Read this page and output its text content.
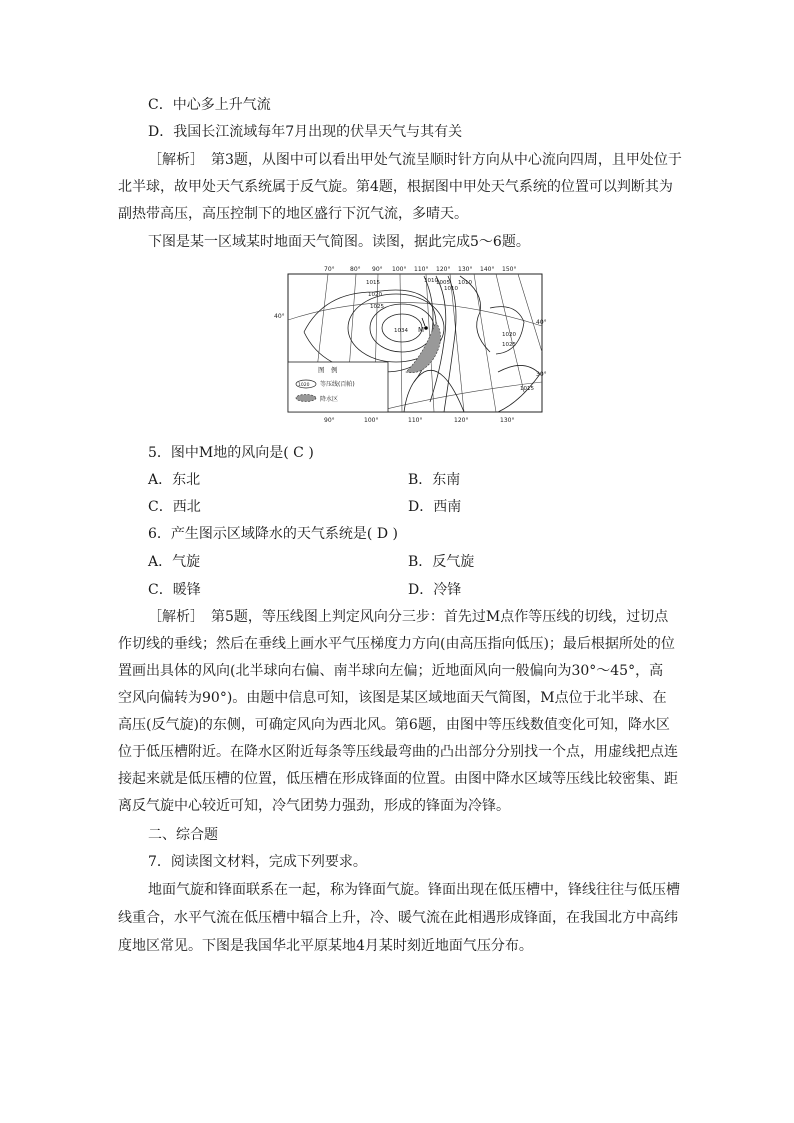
C．中心多上升气流
D．我国长江流域每年7月出现的伏旱天气与其有关
［解析］　第3题，从图中可以看出甲处气流呈顺时针方向从中心流向四周，且甲处位于
北半球，故甲处天气系统属于反气旋。第4题，根据图中甲处天气系统的位置可以判断其为
副热带高压，高压控制下的地区盛行下沉气流，多晴天。
下图是某一区域某时地面天气简图。读图，据此完成5～6题。
M
1015	1010
1020
1025
1034
1005
1010
1010
1020
1025
1015
70°	80° 90° 100° 110° 120° 130° 140° 150°
90°	100°	110°	120°	130°
40°
40°
30°
图　例
1020 等压线(百帕)
降水区
5．图中M地的风向是( C )
A．东北	B．东南
C．西北	D．西南
6．产生图示区域降水的天气系统是( D )
A．气旋	B．反气旋
C．暖锋	D．冷锋
［解析］　第5题，等压线图上判定风向分三步：首先过M点作等压线的切线，过切点
作切线的垂线；然后在垂线上画水平气压梯度力方向(由高压指向低压)；最后根据所处的位
置画出具体的风向(北半球向右偏、南半球向左偏；近地面风向一般偏向为30°～45°，高
空风向偏转为90°)。由题中信息可知，该图是某区域地面天气简图，M点位于北半球、在
高压(反气旋)的东侧，可确定风向为西北风。第6题，由图中等压线数值变化可知，降水区
位于低压槽附近。在降水区附近每条等压线最弯曲的凸出部分分别找一个点，用虚线把点连
接起来就是低压槽的位置，低压槽在形成锋面的位置。由图中降水区域等压线比较密集、距
离反气旋中心较近可知，冷气团势力强劲，形成的锋面为冷锋。
二、综合题
7．阅读图文材料，完成下列要求。
地面气旋和锋面联系在一起，称为锋面气旋。锋面出现在低压槽中，锋线往往与低压槽
线重合，水平气流在低压槽中辐合上升，冷、暖气流在此相遇形成锋面，在我国北方中高纬
度地区常见。下图是我国华北平原某地4月某时刻近地面气压分布。
